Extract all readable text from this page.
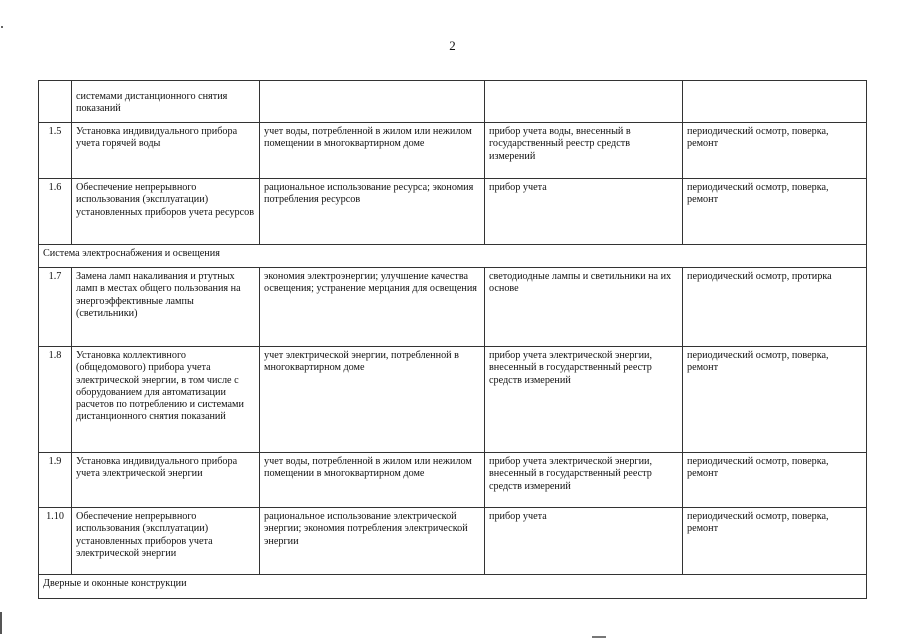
2
	системами дистанционного снятия показаний			
1.5	Установка индивидуального прибора учета горячей воды	учет воды, потребленной в жилом или нежилом помещении в многоквартирном доме	прибор учета воды, внесенный в государственный реестр средств измерений	периодический осмотр, поверка, ремонт
1.6	Обеспечение непрерывного использования (эксплуатации) установленных приборов учета ресурсов	рациональное использование ресурса; экономия потребления ресурсов	прибор учета	периодический осмотр, поверка, ремонт
Система электроснабжения и освещения				
1.7	Замена ламп накаливания и ртутных ламп в местах общего пользования на энергоэффективные лампы (светильники)	экономия электроэнергии; улучшение качества освещения; устранение мерцания для освещения	светодиодные лампы и светильники на их основе	периодический осмотр, протирка
1.8	Установка коллективного (общедомового) прибора учета электрической энергии, в том числе с оборудованием для автоматизации расчетов по потреблению и системами дистанционного снятия показаний	учет электрической энергии, потребленной в многоквартирном доме	прибор учета электрической энергии, внесенный в государственный реестр средств измерений	периодический осмотр, поверка, ремонт
1.9	Установка индивидуального прибора учета электрической энергии	учет воды, потребленной в жилом или нежилом помещении в многоквартирном доме	прибор учета электрической энергии, внесенный в государственный реестр средств измерений	периодический осмотр, поверка, ремонт
1.10	Обеспечение непрерывного использования (эксплуатации) установленных приборов учета электрической энергии	рациональное использование электрической энергии; экономия потребления электрической энергии	прибор учета	периодический осмотр, поверка, ремонт
Дверные и оконные конструкции				
